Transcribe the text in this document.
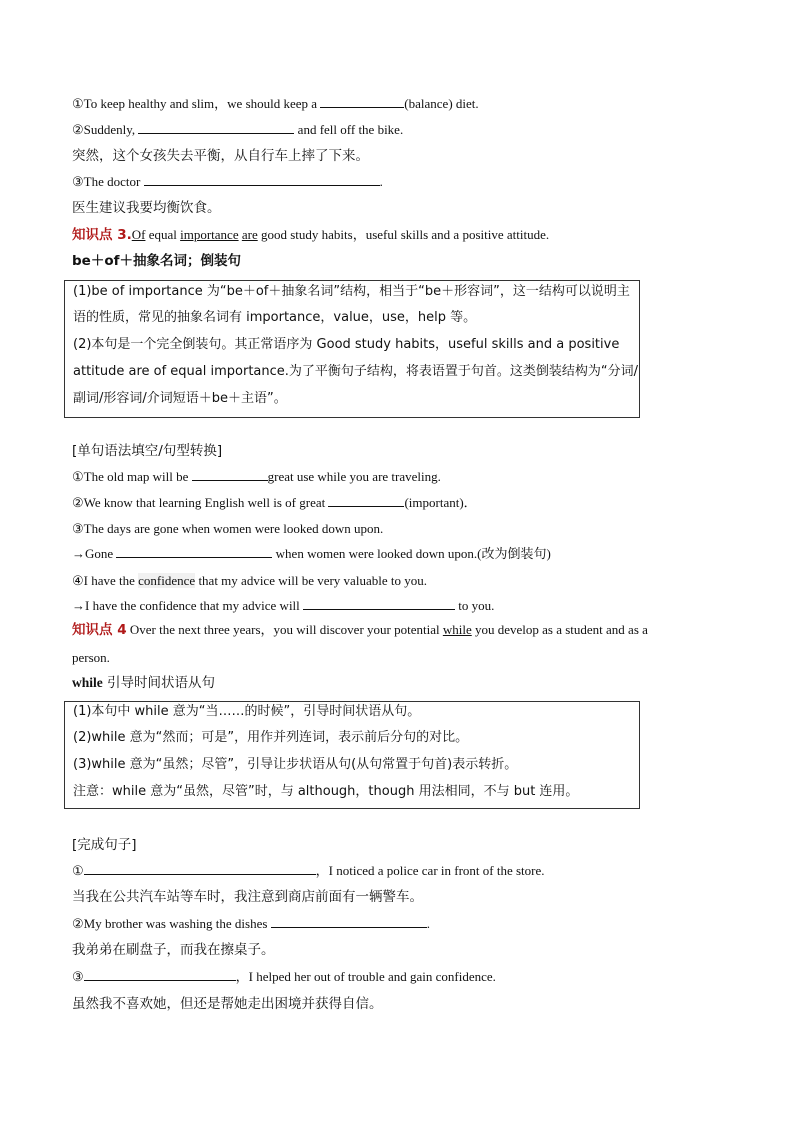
①To keep healthy and slim，we should keep a	(balance) diet.
②Suddenly,	and fell off the bike.
突然，这个女孩失去平衡，从自行车上摔了下来。
③The doctor	.
医生建议我要均衡饮食。
知识点 3.Of equal importance are good study habits，useful skills and a positive attitude.
be＋of＋抽象名词；倒装句
(1)be of importance 为“be＋of＋抽象名词”结构，相当于“be＋形容词”，这一结构可以说明主
语的性质，常见的抽象名词有 importance，value，use，help 等。
(2)本句是一个完全倒装句。其正常语序为 Good study habits，useful skills and a positive
attitude are of equal importance.为了平衡句子结构，将表语置于句首。这类倒装结构为“分词/
副词/形容词/介词短语＋be＋主语”。
[单句语法填空/句型转换]
①The old map will be	great use while you are traveling.
②We know that learning English well is of great	(important)．
③The days are gone when women were looked down upon.
→Gone	when women were looked down upon.(改为倒装句)
④I have the confidence that my advice will be very valuable to you.
→I have the confidence that my advice will	to you.
知识点 4 Over the next three years，you will discover your potential while you develop as a student and as a
person.
while 引导时间状语从句
(1)本句中 while 意为“当……的时候”，引导时间状语从句。
(2)while 意为“然而；可是”，用作并列连词，表示前后分句的对比。
(3)while 意为“虽然；尽管”，引导让步状语从句(从句常置于句首)表示转折。
注意：while 意为“虽然，尽管”时，与 although，though 用法相同，不与 but 连用。
[完成句子]
①	，I noticed a police car in front of the store.
当我在公共汽车站等车时，我注意到商店前面有一辆警车。
②My brother was washing the dishes	.
我弟弟在刷盘子，而我在擦桌子。
③	，I helped her out of trouble and gain confidence.
虽然我不喜欢她，但还是帮她走出困境并获得自信。
